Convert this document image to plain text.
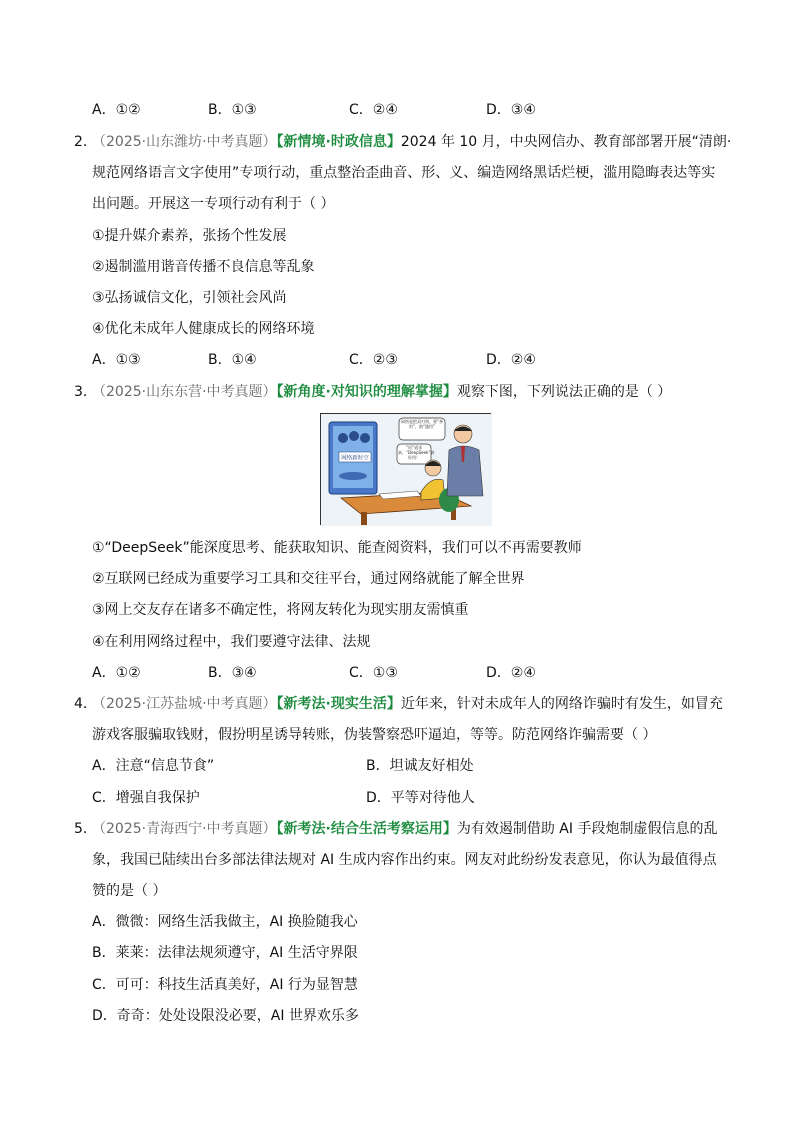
A．①②	B．①③	C．②④	D．③④
2．
（2025·山东潍坊·中考真题）【新情境·时政信息】2024 年 10 月，中央网信办、教育部部署开展“清朗·
规范网络语言文字使用”专项行动，重点整治歪曲音、形、义、编造网络黑话烂梗，滥用隐晦表达等实
出问题。开展这一专项行动有利于（ ）
①提升媒介素养，张扬个性发展
②遏制滥用谐音传播不良信息等乱象
③弘扬诚信文化，引领社会风尚
④优化未成年人健康成长的网络环境
A．①③	B．①④	C．②③	D．②④
3．
（2025·山东东营·中考真题）【新角度·对知识的理解掌握】观察下图，下列说法正确的是（ ）
网络新时空
网络是把双刃剑，要“善用”，防“滥用”
“问”道求真，“DeepSeek”真好用！
①“DeepSeek”能深度思考、能获取知识、能查阅资料，我们可以不再需要教师
②互联网已经成为重要学习工具和交往平台，通过网络就能了解全世界
③网上交友存在诸多不确定性，将网友转化为现实朋友需慎重
④在利用网络过程中，我们要遵守法律、法规
A．①②	B．③④	C．①③	D．②④
4．
（2025·江苏盐城·中考真题）【新考法·现实生活】近年来，针对未成年人的网络诈骗时有发生，如冒充
游戏客服骗取钱财，假扮明星诱导转账，伪装警察恐吓逼迫，等等。防范网络诈骗需要（ ）
A．注意“信息节食”	B．坦诚友好相处
C．增强自我保护	D．平等对待他人
5．
（2025·青海西宁·中考真题）【新考法·结合生活考察运用】为有效遏制借助 AI 手段炮制虚假信息的乱
象，我国已陆续出台多部法律法规对 AI 生成内容作出约束。网友对此纷纷发表意见，你认为最值得点
赞的是（ ）
A．微微：网络生活我做主，AI 换脸随我心
B．莱莱：法律法规须遵守，AI 生活守界限
C．可可：科技生活真美好，AI 行为显智慧
D．奇奇：处处设限没必要，AI 世界欢乐多
